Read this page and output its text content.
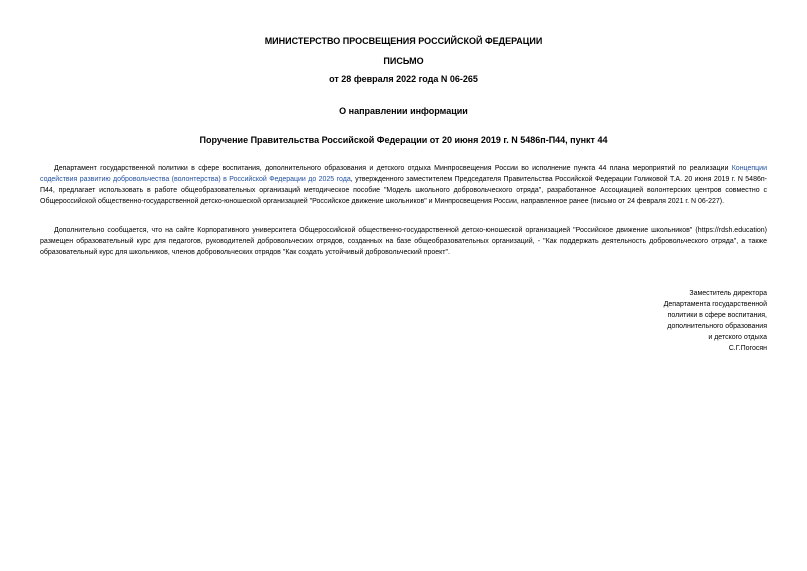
МИНИСТЕРСТВО ПРОСВЕЩЕНИЯ РОССИЙСКОЙ ФЕДЕРАЦИИ
ПИСЬМО
от 28 февраля 2022 года N 06-265
О направлении информации
Поручение Правительства Российской Федерации от 20 июня 2019 г. N 5486п-П44, пункт 44
Департамент государственной политики в сфере воспитания, дополнительного образования и детского отдыха Минпросвещения России во исполнение пункта 44 плана мероприятий по реализации Концепции содействия развитию добровольчества (волонтерства) в Российской Федерации до 2025 года, утвержденного заместителем Председателя Правительства Российской Федерации Голиковой Т.А. 20 июня 2019 г. N 5486п-П44, предлагает использовать в работе общеобразовательных организаций методическое пособие "Модель школьного добровольческого отряда", разработанное Ассоциацией волонтерских центров совместно с Общероссийской общественно-государственной детско-юношеской организацией "Российское движение школьников" и Минпросвещения России, направленное ранее (письмо от 24 февраля 2021 г. N 06-227).
Дополнительно сообщается, что на сайте Корпоративного университета Общероссийской общественно-государственной детско-юношеской организацией "Российское движение школьников" (https://rdsh.education) размещен образовательный курс для педагогов, руководителей добровольческих отрядов, созданных на базе общеобразовательных организаций, - "Как поддержать деятельность добровольческого отряда", а также образовательный курс для школьников, членов добровольческих отрядов "Как создать устойчивый добровольческий проект".
Заместитель директора
Департамента государственной
политики в сфере воспитания,
дополнительного образования
и детского отдыха
С.Г.Погосян
